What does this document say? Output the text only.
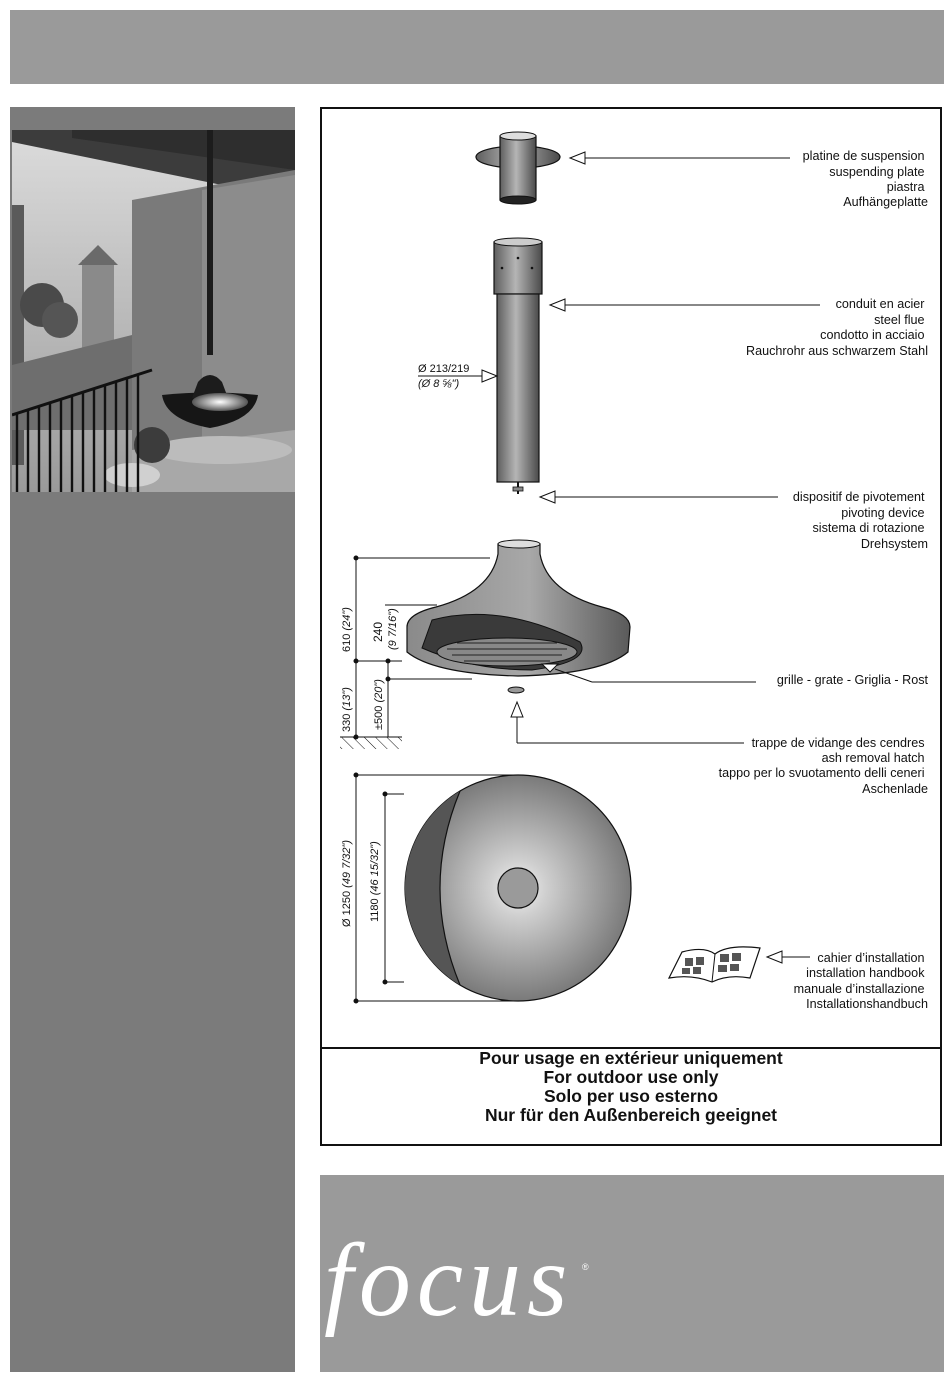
platine de suspension suspending plate piastra Aufhängeplatte
conduit en acier steel flue condotto in acciaio Rauchrohr aus schwarzem Stahl
Ø 213/219
(Ø 8 ⅝")
dispositif de pivotement pivoting device sistema di rotazione Drehsystem
grille - grate - Griglia - Rost
610 (24")
240 (9 7/16")
330 (13")
±500 (20")
trappe de vidange des cendres ash removal hatch tappo per lo svuotamento delli ceneri Aschenlade
Ø 1250 (49 7/32")
1180 (46 15/32")
cahier d’installation installation handbook manuale d’installazione Installationshandbuch
Pour usage en extérieur uniquement
For outdoor use only
Solo per uso esterno
Nur für den Außenbereich geeignet
focus ®
